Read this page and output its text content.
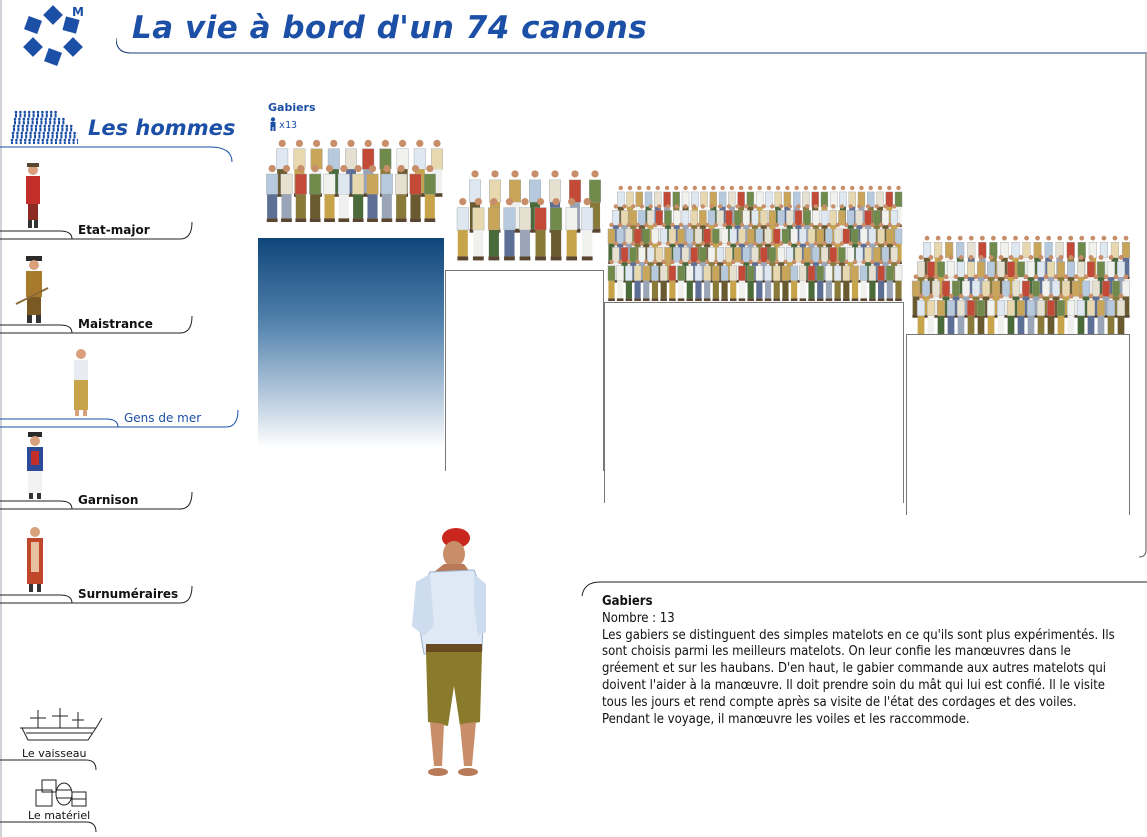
M La vie à bord d'un 74 canons
Les hommes
Etat-major
Maistrance
Gens de mer
Garnison
Surnuméraires
Le vaisseau
Le matériel
Gabiers
x13
Gabiers
Nombre : 13
Les gabiers se distinguent des simples matelots en ce qu'ils sont plus expérimentés. Ils sont choisis parmi les meilleurs matelots. On leur confie les manœuvres dans le gréement et sur les haubans. D'en haut, le gabier commande aux autres matelots qui doivent l'aider à la manœuvre. Il doit prendre soin du mât qui lui est confié. Il le visite tous les jours et rend compte après sa visite de l'état des cordages et des voiles. Pendant le voyage, il manœuvre les voiles et les raccommode.
